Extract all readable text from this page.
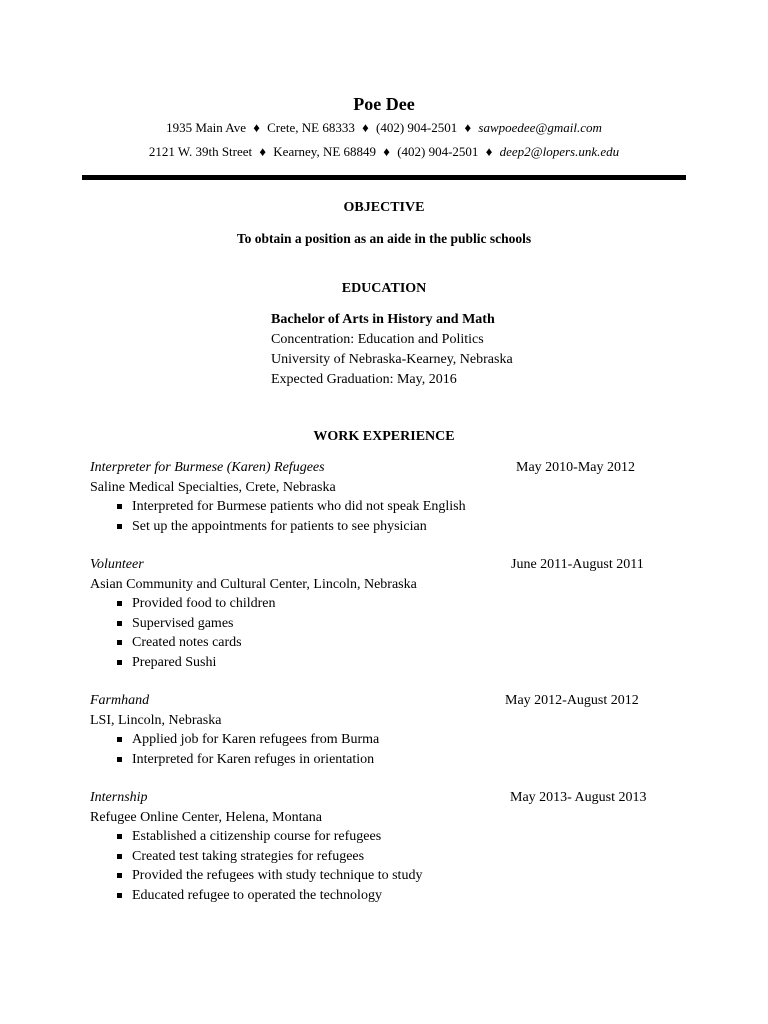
Poe Dee
1935 Main Ave ♦ Crete, NE 68333 ♦ (402) 904-2501 ♦ sawpoedee@gmail.com
2121 W. 39th Street ♦ Kearney, NE 68849 ♦ (402) 904-2501 ♦ deep2@lopers.unk.edu
OBJECTIVE
To obtain a position as an aide in the public schools
EDUCATION
Bachelor of Arts in History and Math
Concentration: Education and Politics
University of Nebraska-Kearney, Nebraska
Expected Graduation: May, 2016
WORK EXPERIENCE
Interpreter for Burmese (Karen) Refugees	May 2010-May 2012
Saline Medical Specialties, Crete, Nebraska
Interpreted for Burmese patients who did not speak English
Set up the appointments for patients to see physician
Volunteer	June 2011-August 2011
Asian Community and Cultural Center, Lincoln, Nebraska
Provided food to children
Supervised games
Created notes cards
Prepared Sushi
Farmhand	May 2012-August 2012
LSI, Lincoln, Nebraska
Applied job for Karen refugees from Burma
Interpreted for Karen refuges in orientation
Internship	May 2013- August 2013
Refugee Online Center, Helena, Montana
Established a citizenship course for refugees
Created test taking strategies for refugees
Provided the refugees with study technique to study
Educated refugee to operated the technology
